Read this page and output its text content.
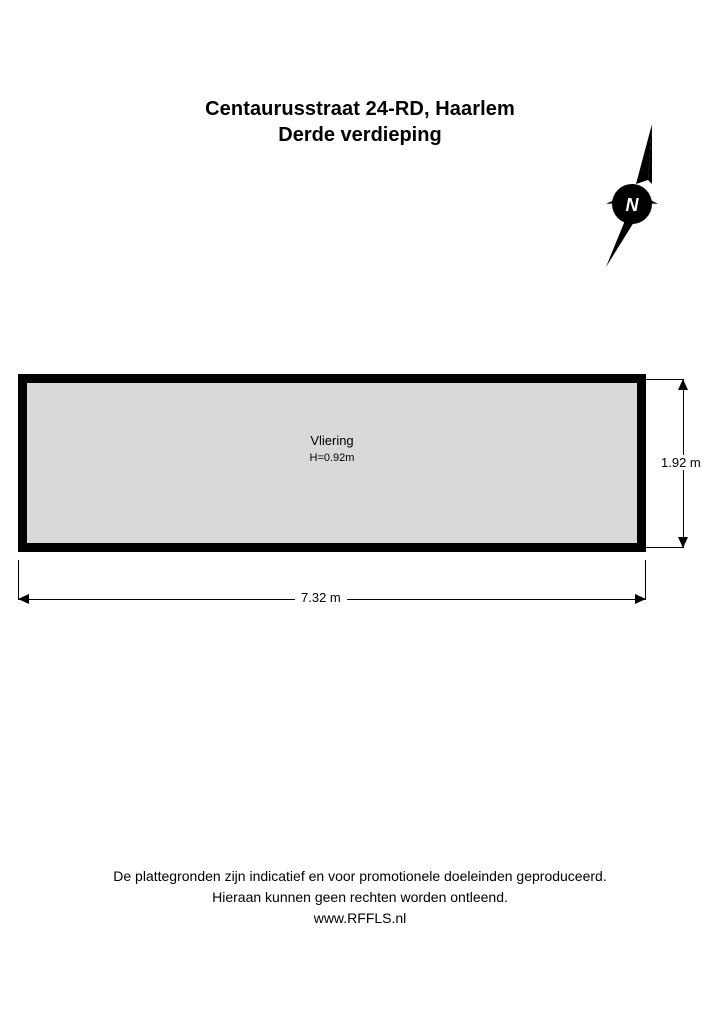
Centaurusstraat 24-RD, Haarlem
Derde verdieping
N
Vliering
H=0.92m
7.32 m
1.92 m
De plattegronden zijn indicatief en voor promotionele doeleinden geproduceerd.
Hieraan kunnen geen rechten worden ontleend.
www.RFFLS.nl
